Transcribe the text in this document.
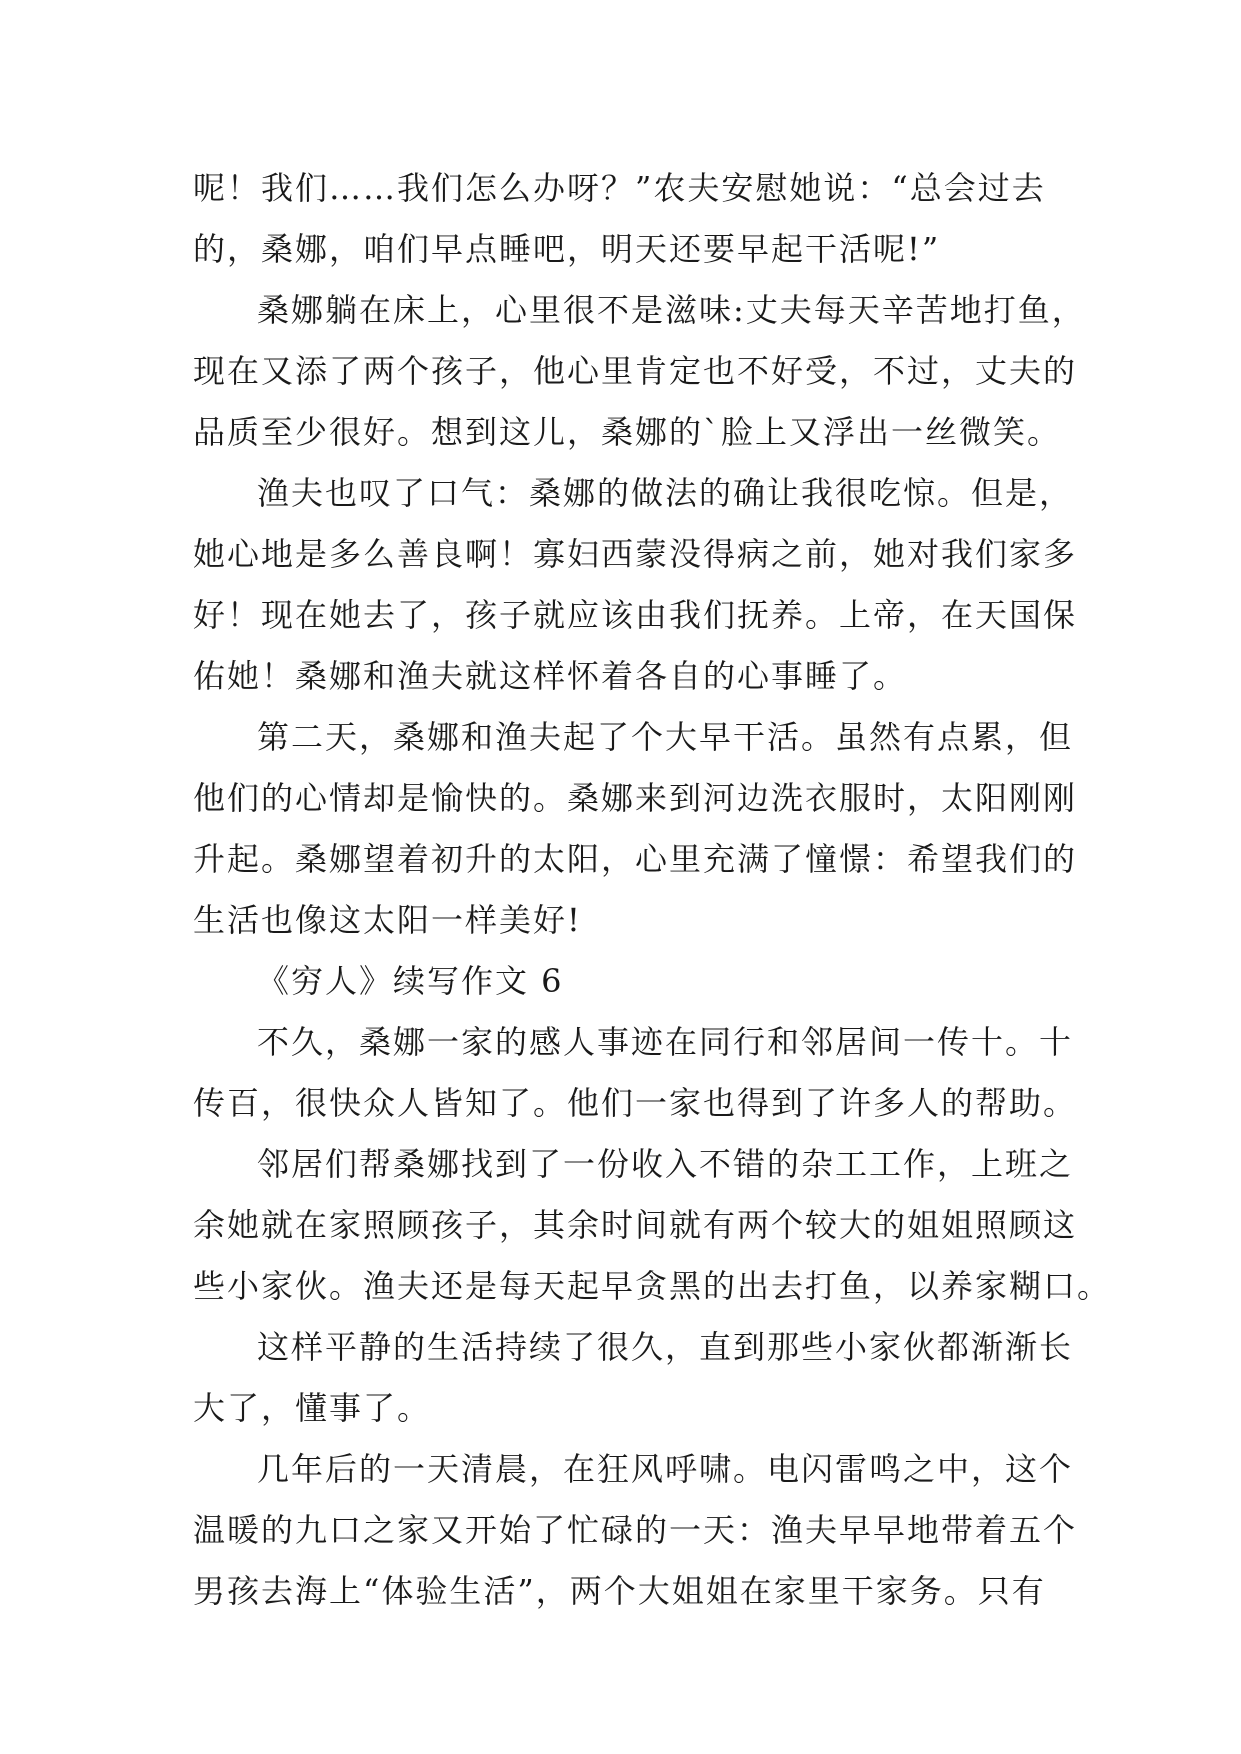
呢！我们……我们怎么办呀？”农夫安慰她说：“总会过去
的，桑娜，咱们早点睡吧，明天还要早起干活呢!”

桑娜躺在床上，心里很不是滋味:丈夫每天辛苦地打鱼，
现在又添了两个孩子，他心里肯定也不好受，不过，丈夫的
品质至少很好。想到这儿，桑娜的`脸上又浮出一丝微笑。

渔夫也叹了口气：桑娜的做法的确让我很吃惊。但是，
她心地是多么善良啊！寡妇西蒙没得病之前，她对我们家多
好！现在她去了，孩子就应该由我们抚养。上帝，在天国保
佑她！桑娜和渔夫就这样怀着各自的心事睡了。

第二天，桑娜和渔夫起了个大早干活。虽然有点累，但
他们的心情却是愉快的。桑娜来到河边洗衣服时，太阳刚刚
升起。桑娜望着初升的太阳，心里充满了憧憬：希望我们的
生活也像这太阳一样美好!

《穷人》续写作文 6

不久，桑娜一家的感人事迹在同行和邻居间一传十。十
传百，很快众人皆知了。他们一家也得到了许多人的帮助。

邻居们帮桑娜找到了一份收入不错的杂工工作，上班之
余她就在家照顾孩子，其余时间就有两个较大的姐姐照顾这
些小家伙。渔夫还是每天起早贪黑的出去打鱼，以养家糊口。

这样平静的生活持续了很久，直到那些小家伙都渐渐长
大了，懂事了。

几年后的一天清晨，在狂风呼啸。电闪雷鸣之中，这个
温暖的九口之家又开始了忙碌的一天：渔夫早早地带着五个
男孩去海上“体验生活”，两个大姐姐在家里干家务。只有
